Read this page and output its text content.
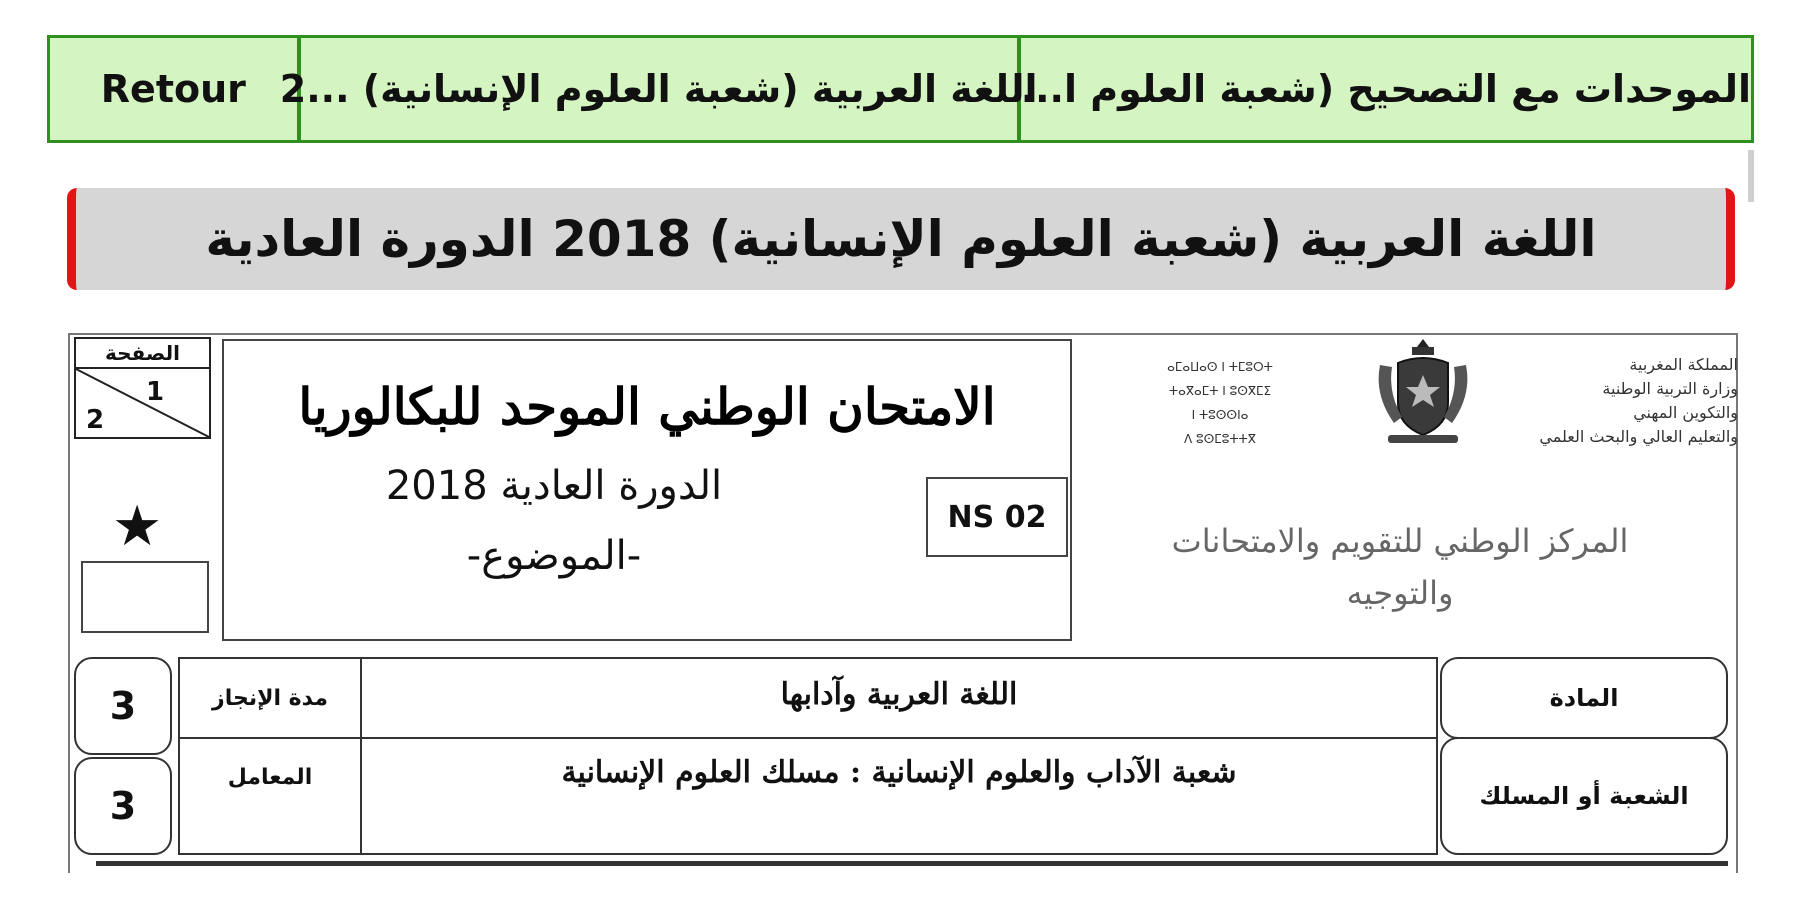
Retour اللغة العربية (شعبة العلوم الإنسانية) ...2
الموحدات مع التصحيح (شعبة العلوم ا...
اللغة العربية (شعبة العلوم الإنسانية) 2018 الدورة العادية
الصفحة
1
2
★
الامتحان الوطني الموحد للبكالوريا
الدورة العادية 2018
-الموضوع-
NS 02
ⴰⵎⴰⵡⴰⵙ ⵏ ⵜⵎⵓⵔⵜ
ⵜⴰⴳⴰⵎⵜ ⵏ ⵓⵙⴳⵎⵉ
ⵏ ⵜⵓⵙⵙⵏⴰ
ⴷ ⵓⵙⵎⵓⵜⵜⴳ
المملكة المغربية
وزارة التربية الوطنية
والتكوين المهني
والتعليم العالي والبحث العلمي
المركز الوطني للتقويم والامتحانات والتوجيه
3
3
مدة الإنجاز
المعامل
اللغة العربية وآدابها
شعبة الآداب والعلوم الإنسانية : مسلك العلوم الإنسانية
المادة
الشعبة أو المسلك
